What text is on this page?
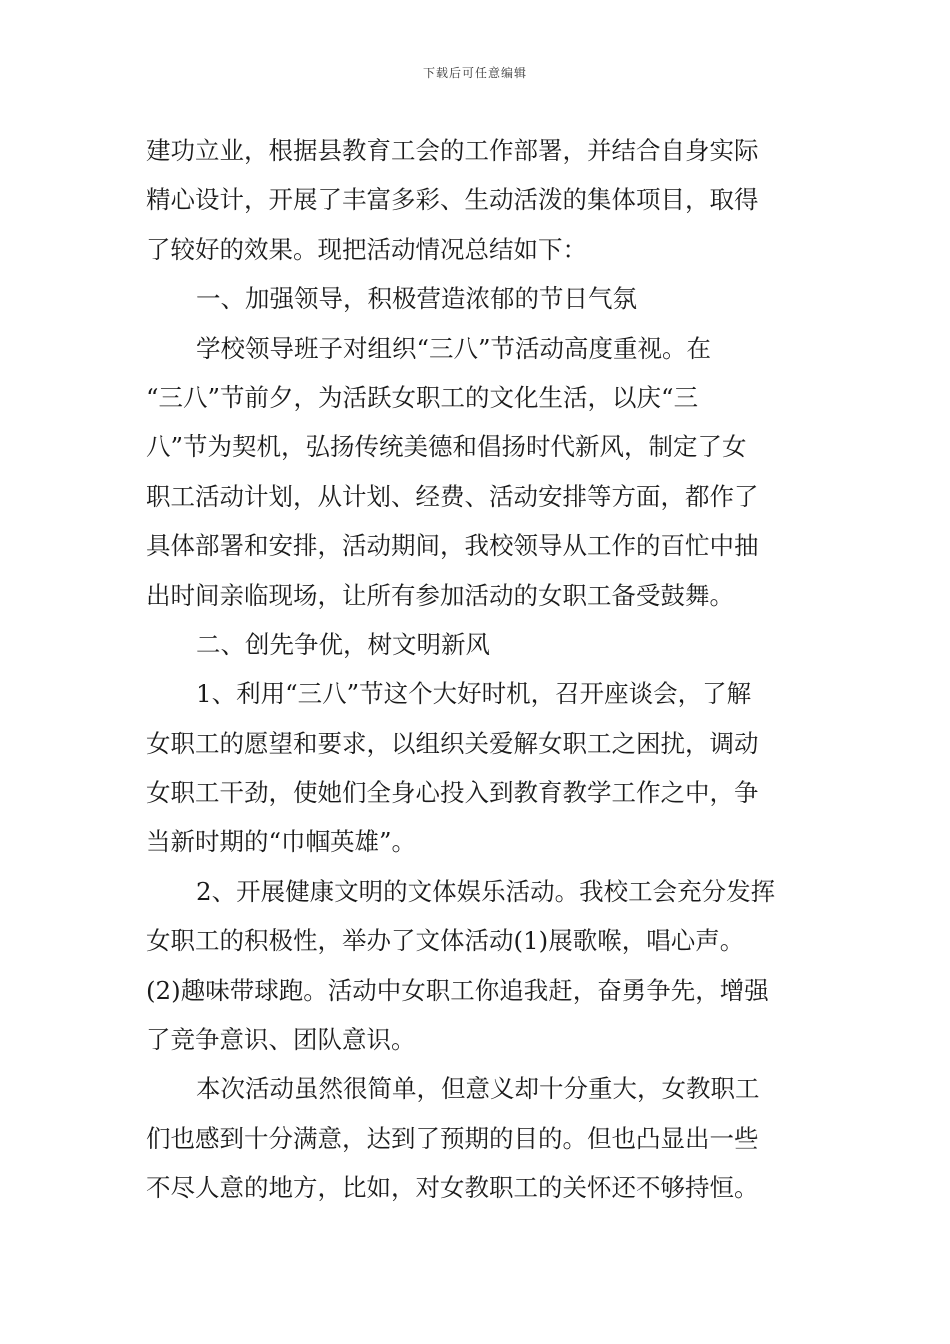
下载后可任意编辑
建功立业，根据县教育工会的工作部署，并结合自身实际
精心设计，开展了丰富多彩、生动活泼的集体项目，取得
了较好的效果。现把活动情况总结如下：
一、加强领导，积极营造浓郁的节日气氛
学校领导班子对组织“三八”节活动高度重视。在
“三八”节前夕，为活跃女职工的文化生活，以庆“三
八”节为契机，弘扬传统美德和倡扬时代新风，制定了女
职工活动计划，从计划、经费、活动安排等方面，都作了
具体部署和安排，活动期间，我校领导从工作的百忙中抽
出时间亲临现场，让所有参加活动的女职工备受鼓舞。
二、创先争优，树文明新风
1、利用“三八”节这个大好时机，召开座谈会，了解
女职工的愿望和要求，以组织关爱解女职工之困扰，调动
女职工干劲，使她们全身心投入到教育教学工作之中，争
当新时期的“巾帼英雄”。
2、开展健康文明的文体娱乐活动。我校工会充分发挥
女职工的积极性，举办了文体活动(1)展歌喉，唱心声。
(2)趣味带球跑。活动中女职工你追我赶，奋勇争先，增强
了竞争意识、团队意识。
本次活动虽然很简单，但意义却十分重大，女教职工
们也感到十分满意，达到了预期的目的。但也凸显出一些
不尽人意的地方，比如，对女教职工的关怀还不够持恒。
